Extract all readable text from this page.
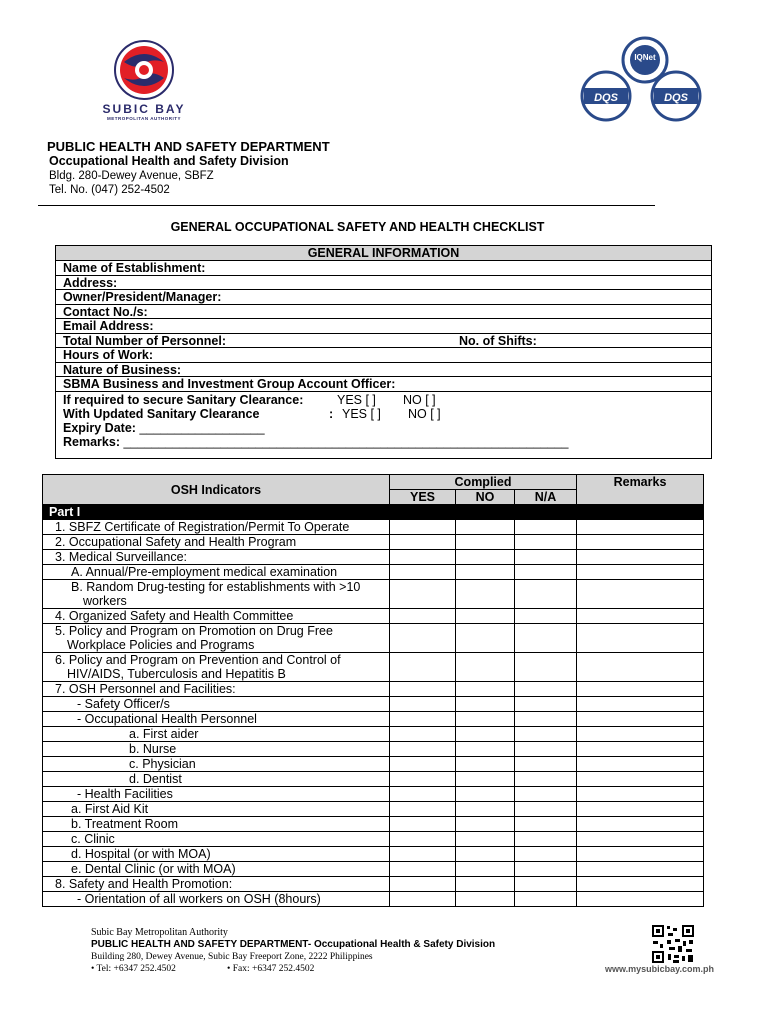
SUBIC BAY
METROPOLITAN AUTHORITY
IQNet
DQS	DQS
PUBLIC HEALTH AND SAFETY DEPARTMENT
Occupational Health and Safety Division
Bldg. 280-Dewey Avenue, SBFZ
Tel. No. (047) 252-4502
GENERAL OCCUPATIONAL SAFETY AND HEALTH CHECKLIST
GENERAL INFORMATION
Name of Establishment:
Address:
Owner/President/Manager:
Contact No./s:
Email Address:
Total Number of Personnel:	No. of Shifts:
Hours of Work:
Nature of Business:
SBMA Business and Investment Group Account Officer:
If required to secure Sanitary Clearance:	YES [ ] NO [ ]
With Updated Sanitary Clearance	: YES [ ] NO [ ]
Expiry Date: __________________
Remarks: ________________________________________________________________
OSH Indicators	Complied			Remarks
	YES	NO	N/A	
Part I				

1. SBFZ Certificate of Registration/Permit To Operate				

2. Occupational Safety and Health Program				

3. Medical Surveillance:				

A. Annual/Pre-employment medical examination				

B. Random Drug-testing for establishments with >10 workers				

4. Organized Safety and Health Committee				

5. Policy and Program on Promotion on Drug Free Workplace Policies and Programs				

6. Policy and Program on Prevention and Control of HIV/AIDS, Tuberculosis and Hepatitis B				

7. OSH Personnel and Facilities:				

- Safety Officer/s				

- Occupational Health Personnel				

a. First aider				

b. Nurse				

c. Physician				

d. Dentist				

- Health Facilities				

a. First Aid Kit				

b. Treatment Room				

c. Clinic				

d. Hospital (or with MOA)				

e. Dental Clinic (or with MOA)				

8. Safety and Health Promotion:				

- Orientation of all workers on OSH (8hours)				

Subic Bay Metropolitan Authority
PUBLIC HEALTH AND SAFETY DEPARTMENT- Occupational Health & Safety Division
Building 280, Dewey Avenue, Subic Bay Freeport Zone, 2222 Philippines
• Tel: +6347 252.4502	• Fax: +6347 252.4502	www.mysubicbay.com.ph
